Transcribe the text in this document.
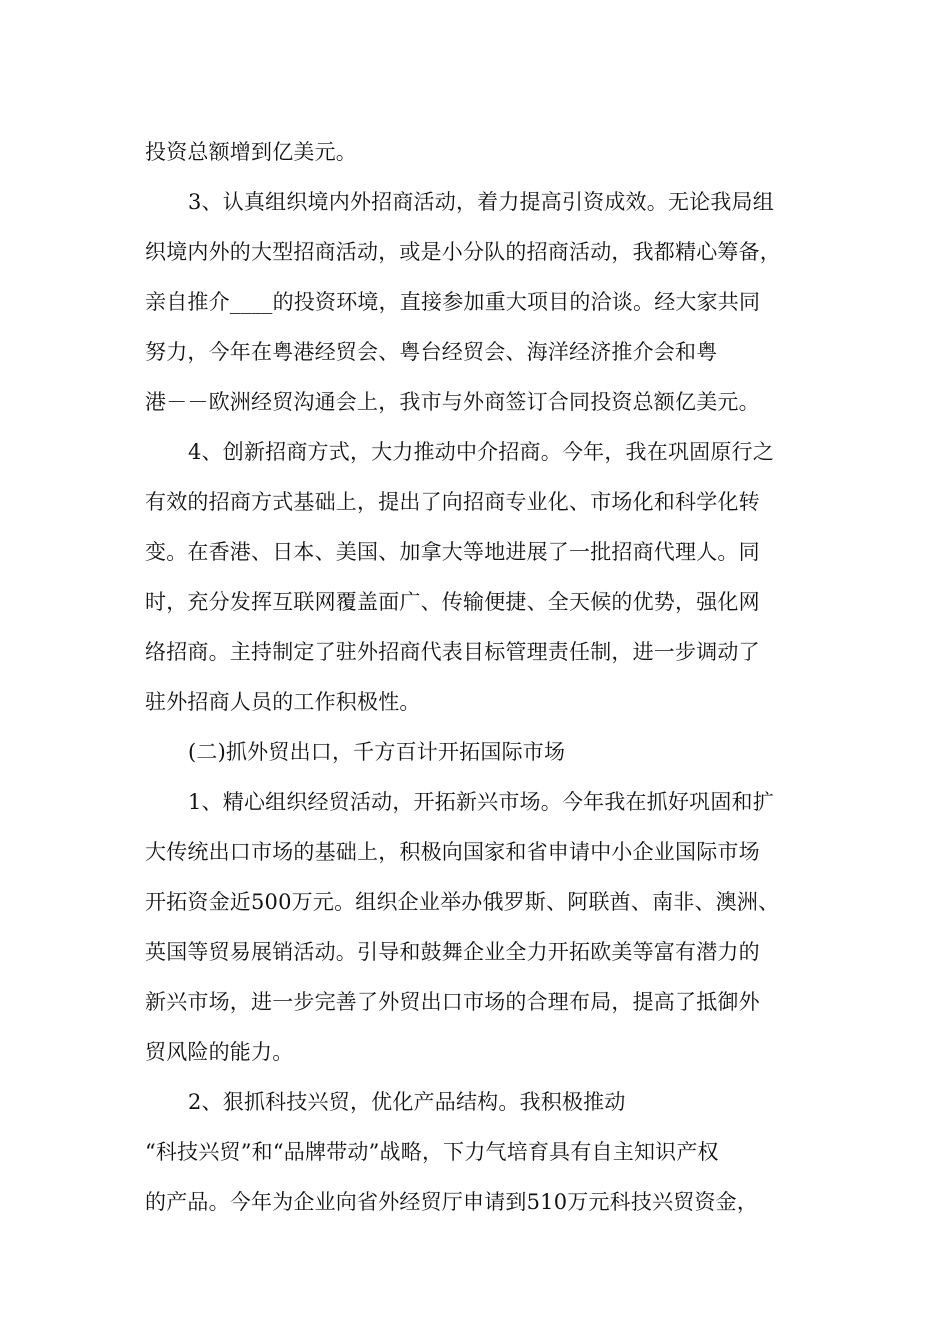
投资总额增到亿美元。
3、认真组织境内外招商活动，着力提高引资成效。无论我局组
织境内外的大型招商活动，或是小分队的招商活动，我都精心筹备，
亲自推介____的投资环境，直接参加重大项目的洽谈。经大家共同
努力，今年在粤港经贸会、粤台经贸会、海洋经济推介会和粤
港－－欧洲经贸沟通会上，我市与外商签订合同投资总额亿美元。
4、创新招商方式，大力推动中介招商。今年，我在巩固原行之
有效的招商方式基础上，提出了向招商专业化、市场化和科学化转
变。在香港、日本、美国、加拿大等地进展了一批招商代理人。同
时，充分发挥互联网覆盖面广、传输便捷、全天候的优势，强化网
络招商。主持制定了驻外招商代表目标管理责任制，进一步调动了
驻外招商人员的工作积极性。
(二)抓外贸出口，千方百计开拓国际市场
1、精心组织经贸活动，开拓新兴市场。今年我在抓好巩固和扩
大传统出口市场的基础上，积极向国家和省申请中小企业国际市场
开拓资金近500万元。组织企业举办俄罗斯、阿联酋、南非、澳洲、
英国等贸易展销活动。引导和鼓舞企业全力开拓欧美等富有潜力的
新兴市场，进一步完善了外贸出口市场的合理布局，提高了抵御外
贸风险的能力。
2、狠抓科技兴贸，优化产品结构。我积极推动
“科技兴贸”和“品牌带动”战略，下力气培育具有自主知识产权
的产品。今年为企业向省外经贸厅申请到510万元科技兴贸资金，
